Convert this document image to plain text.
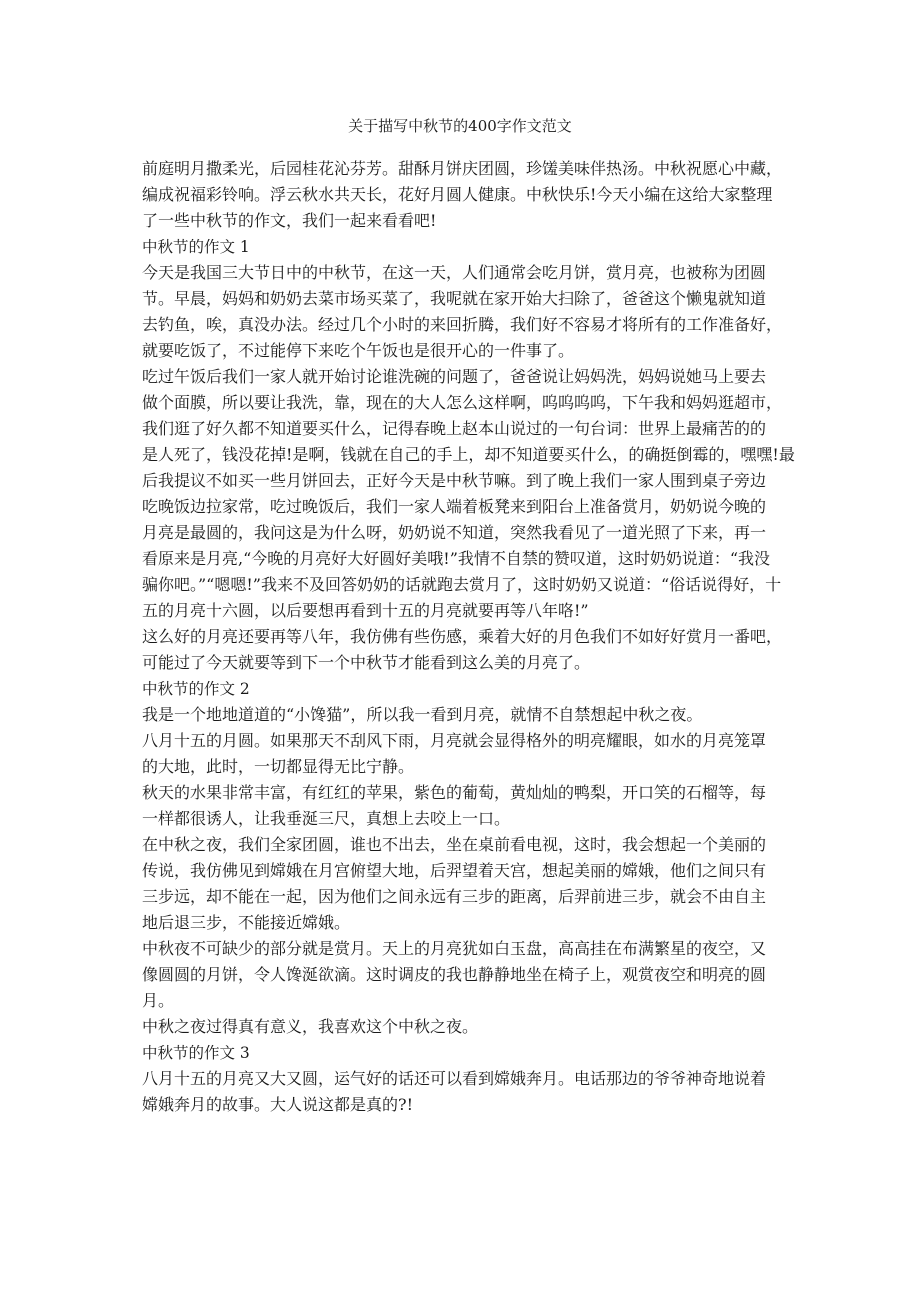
关于描写中秋节的400字作文范文
前庭明月撒柔光，后园桂花沁芬芳。甜酥月饼庆团圆，珍馐美味伴热汤。中秋祝愿心中藏，
编成祝福彩铃响。浮云秋水共天长，花好月圆人健康。中秋快乐!今天小编在这给大家整理
了一些中秋节的作文，我们一起来看看吧!
中秋节的作文 1
今天是我国三大节日中的中秋节，在这一天，人们通常会吃月饼，赏月亮，也被称为团圆
节。早晨，妈妈和奶奶去菜市场买菜了，我呢就在家开始大扫除了，爸爸这个懒鬼就知道
去钓鱼，唉，真没办法。经过几个小时的来回折腾，我们好不容易才将所有的工作准备好，
就要吃饭了，不过能停下来吃个午饭也是很开心的一件事了。
吃过午饭后我们一家人就开始讨论谁洗碗的问题了，爸爸说让妈妈洗，妈妈说她马上要去
做个面膜，所以要让我洗，靠，现在的大人怎么这样啊，呜呜呜呜，下午我和妈妈逛超市，
我们逛了好久都不知道要买什么，记得春晚上赵本山说过的一句台词：世界上最痛苦的的
是人死了，钱没花掉!是啊，钱就在自己的手上，却不知道要买什么，的确挺倒霉的，嘿嘿!最
后我提议不如买一些月饼回去，正好今天是中秋节嘛。到了晚上我们一家人围到桌子旁边
吃晚饭边拉家常，吃过晚饭后，我们一家人端着板凳来到阳台上准备赏月，奶奶说今晚的
月亮是最圆的，我问这是为什么呀，奶奶说不知道，突然我看见了一道光照了下来，再一
看原来是月亮,“今晚的月亮好大好圆好美哦!”我情不自禁的赞叹道，这时奶奶说道：“我没
骗你吧。”“嗯嗯!”我来不及回答奶奶的话就跑去赏月了，这时奶奶又说道：“俗话说得好，十
五的月亮十六圆，以后要想再看到十五的月亮就要再等八年咯!”
这么好的月亮还要再等八年，我仿佛有些伤感，乘着大好的月色我们不如好好赏月一番吧，
可能过了今天就要等到下一个中秋节才能看到这么美的月亮了。
中秋节的作文 2
我是一个地地道道的“小馋猫”，所以我一看到月亮，就情不自禁想起中秋之夜。
八月十五的月圆。如果那天不刮风下雨，月亮就会显得格外的明亮耀眼，如水的月亮笼罩
的大地，此时，一切都显得无比宁静。
秋天的水果非常丰富，有红红的苹果，紫色的葡萄，黄灿灿的鸭梨，开口笑的石榴等，每
一样都很诱人，让我垂涎三尺，真想上去咬上一口。
在中秋之夜，我们全家团圆，谁也不出去，坐在桌前看电视，这时，我会想起一个美丽的
传说，我仿佛见到嫦娥在月宫俯望大地，后羿望着天宫，想起美丽的嫦娥，他们之间只有
三步远，却不能在一起，因为他们之间永远有三步的距离，后羿前进三步，就会不由自主
地后退三步，不能接近嫦娥。
中秋夜不可缺少的部分就是赏月。天上的月亮犹如白玉盘，高高挂在布满繁星的夜空，又
像圆圆的月饼，令人馋涎欲滴。这时调皮的我也静静地坐在椅子上，观赏夜空和明亮的圆
月。
中秋之夜过得真有意义，我喜欢这个中秋之夜。
中秋节的作文 3
八月十五的月亮又大又圆，运气好的话还可以看到嫦娥奔月。电话那边的爷爷神奇地说着
嫦娥奔月的故事。大人说这都是真的?!
